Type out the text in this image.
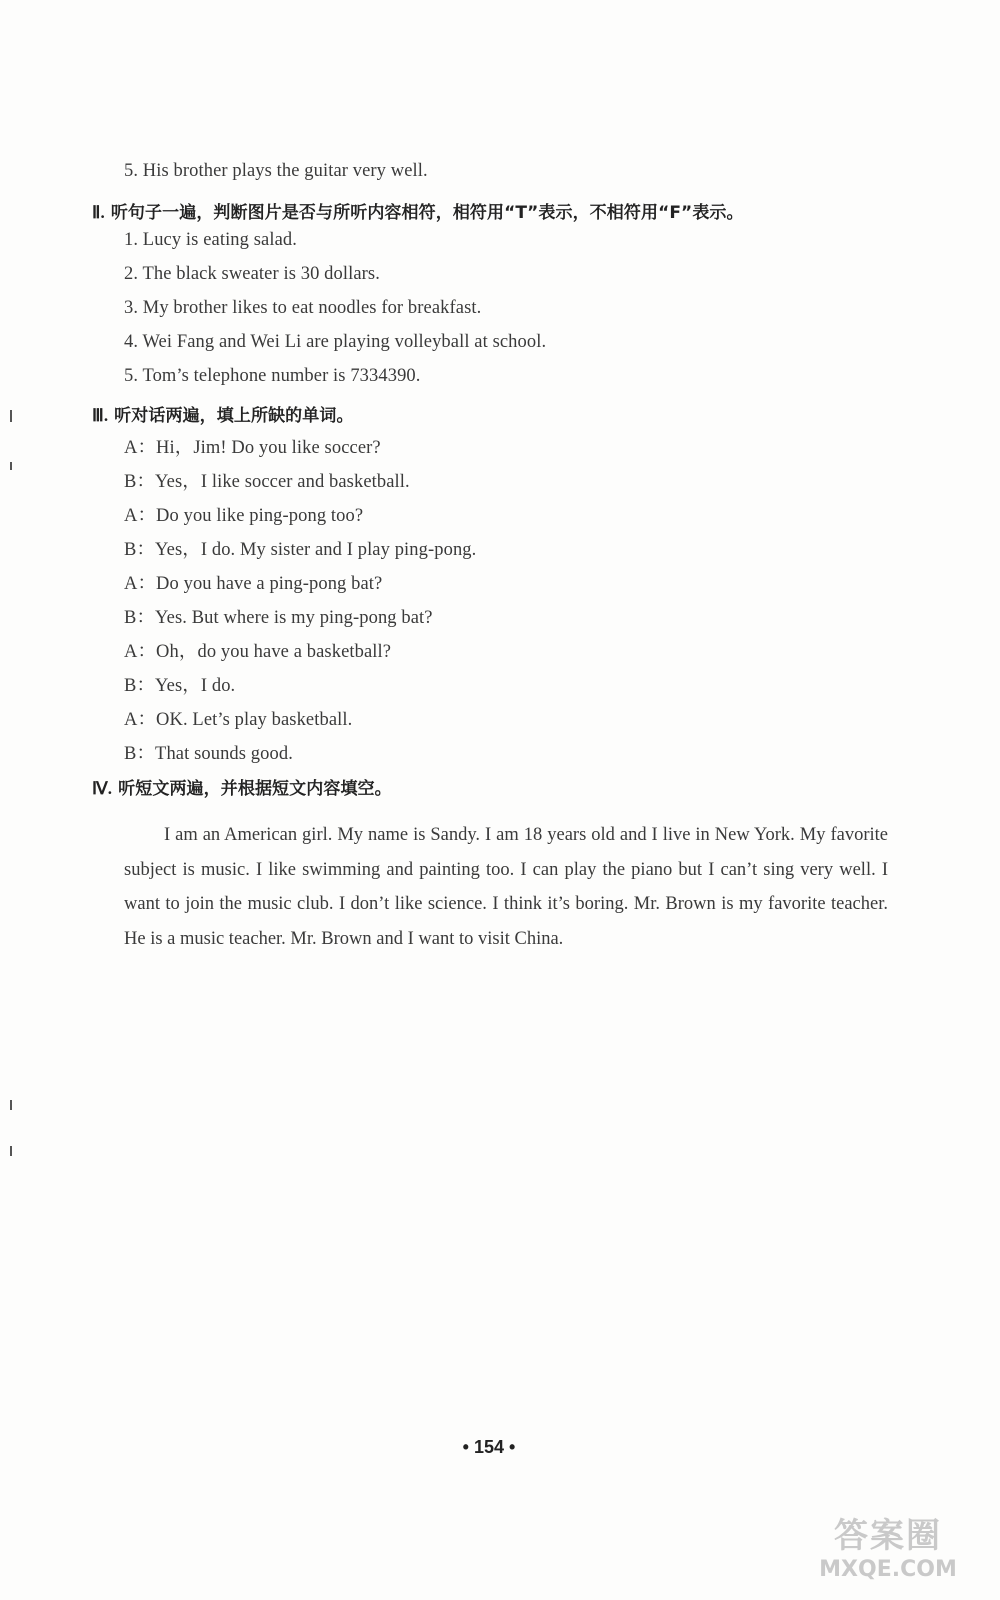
5. His brother plays the guitar very well.
Ⅱ. 听句子一遍，判断图片是否与所听内容相符，相符用“T”表示，不相符用“F”表示。
1. Lucy is eating salad.
2. The black sweater is 30 dollars.
3. My brother likes to eat noodles for breakfast.
4. Wei Fang and Wei Li are playing volleyball at school.
5. Tom’s telephone number is 7334390.
Ⅲ. 听对话两遍，填上所缺的单词。
A：Hi，Jim! Do you like soccer?
B：Yes，I like soccer and basketball.
A：Do you like ping-pong too?
B：Yes，I do. My sister and I play ping-pong.
A：Do you have a ping-pong bat?
B：Yes. But where is my ping-pong bat?
A：Oh，do you have a basketball?
B：Yes，I do.
A：OK. Let’s play basketball.
B：That sounds good.
Ⅳ. 听短文两遍，并根据短文内容填空。
I am an American girl. My name is Sandy. I am 18 years old and I live in New York. My favorite subject is music. I like swimming and painting too. I can play the piano but I can’t sing very well. I want to join the music club. I don’t like science. I think it’s boring. Mr. Brown is my favorite teacher. He is a music teacher. Mr. Brown and I want to visit China.
• 154 •
答案圈
MXQE.COM
